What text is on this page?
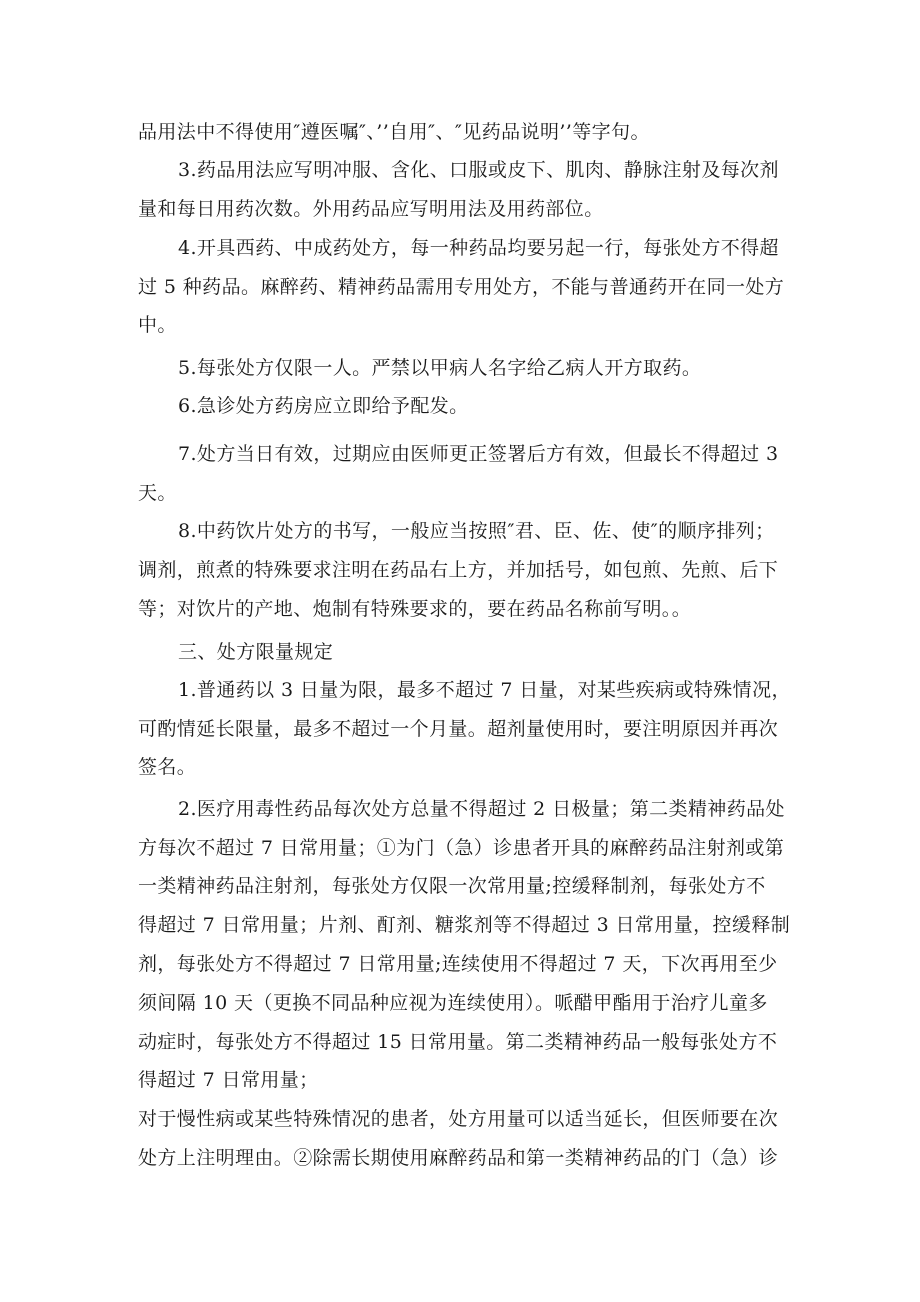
品用法中不得使用″遵医嘱″、’’自用″、″见药品说明’’等字句。
3.药品用法应写明冲服、含化、口服或皮下、肌肉、静脉注射及每次剂
量和每日用药次数。外用药品应写明用法及用药部位。
4.开具西药、中成药处方，每一种药品均要另起一行，每张处方不得超
过 5 种药品。麻醉药、精神药品需用专用处方，不能与普通药开在同一处方
中。
5.每张处方仅限一人。严禁以甲病人名字给乙病人开方取药。
6.急诊处方药房应立即给予配发。
7.处方当日有效，过期应由医师更正签署后方有效，但最长不得超过 3
天。
8.中药饮片处方的书写，一般应当按照″君、臣、佐、使″的顺序排列；
调剂，煎煮的特殊要求注明在药品右上方，并加括号，如包煎、先煎、后下
等；对饮片的产地、炮制有特殊要求的，要在药品名称前写明。。
三、处方限量规定
1.普通药以 3 日量为限，最多不超过 7 日量，对某些疾病或特殊情况，
可酌情延长限量，最多不超过一个月量。超剂量使用时，要注明原因并再次
签名。
2.医疗用毒性药品每次处方总量不得超过 2 日极量；第二类精神药品处
方每次不超过 7 日常用量；①为门（急）诊患者开具的麻醉药品注射剂或第
一类精神药品注射剂，每张处方仅限一次常用量;控缓释制剂，每张处方不
得超过 7 日常用量；片剂、酊剂、糖浆剂等不得超过 3 日常用量，控缓释制
剂，每张处方不得超过 7 日常用量;连续使用不得超过 7 天，下次再用至少
须间隔 10 天（更换不同品种应视为连续使用）。哌醋甲酯用于治疗儿童多
动症时，每张处方不得超过 15 日常用量。第二类精神药品一般每张处方不
得超过 7 日常用量；
对于慢性病或某些特殊情况的患者，处方用量可以适当延长，但医师要在次
处方上注明理由。②除需长期使用麻醉药品和第一类精神药品的门（急）诊
